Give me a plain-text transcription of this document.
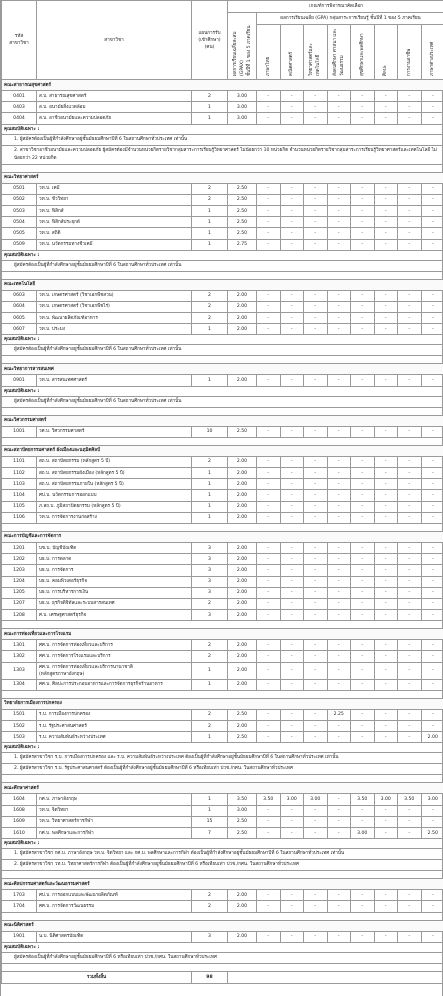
รหัส
สาขาวิชา	สาขาวิชา	แผนการรับ
(เข้าศึกษา)
(คน)	เกณฑ์การพิจารณาคัดเลือก								

			ผลการเรียนเฉลี่ยสะสม (GPAX)
ชั้นปีที่ 1 ของ 5 ภาคเรียน	ผลการเรียนเฉลี่ย (GPA) กลุ่มสาระการเรียนรู้ ชั้นปีที่ 1 ของ 5 ภาคเรียน							

				ภาษาไทย	คณิตศาสตร์	วิทยาศาสตร์และเทคโนโลยี	สังคมศึกษา ศาสนา และวัฒนธรรม	สุขศึกษาและพลศึกษา	ศิลปะ	การงานอาชีพ	ภาษาต่างประเทศ

คณะสาธารณสุขศาสตร์											
0401	ส.บ. สาธารณสุขศาสตร์	2	3.00	-	-	-	-	-	-	-	-
0403	ส.บ. อนามัยสิ่งแวดล้อม	1	3.00	-	-	-	-	-	-	-	-
0404	ส.บ. อาชีวอนามัยและความปลอดภัย	1	3.00	-	-	-	-	-	-	-	-
คุณสมบัติเฉพาะ :											
1. ผู้สมัครต้องเป็นผู้ที่กำลังศึกษาอยู่ชั้นมัธยมศึกษาปีที่ 6 ในสถานศึกษาทั่วประเทศ เท่านั้น											
2. สาขาวิชาอาชีวอนามัยและความปลอดภัย ผู้สมัครต้องมีจำนวนหน่วยกิตรายวิชากลุ่มสาระการเรียนรู้วิทยาศาสตร์ ไม่น้อยกว่า 10 หน่วยกิต จำนวนหน่วยกิตรายวิชากลุ่มสาระการเรียนรู้วิทยาศาสตร์และเทคโนโลยี ไม่น้อยกว่า 22 หน่วยกิต											

คณะวิทยาศาสตร์											
0501	วท.บ. เคมี	2	2.50	-	-	-	-	-	-	-	-
0502	วท.บ. ชีววิทยา	2	2.50	-	-	-	-	-	-	-	-
0503	วท.บ. ฟิสิกส์	1	2.50	-	-	-	-	-	-	-	-
0504	วท.บ. ฟิสิกส์ประยุกต์	1	2.50	-	-	-	-	-	-	-	-
0505	วท.บ. สถิติ	1	2.50	-	-	-	-	-	-	-	-
0509	วท.บ. นวัตกรรมทางชีวเคมี	1	2.75	-	-	-	-	-	-	-	-
คุณสมบัติเฉพาะ :											
ผู้สมัครต้องเป็นผู้ที่กำลังศึกษาอยู่ชั้นมัธยมศึกษาปีที่ 6 ในสถานศึกษาทั่วประเทศ เท่านั้น											

คณะเทคโนโลยี											
0603	วท.บ. เกษตรศาสตร์ (วิชาเอกพืชสวน)	2	2.00	-	-	-	-	-	-	-	-
0604	วท.บ. เกษตรศาสตร์ (วิชาเอกพืชไร่)	2	2.00	-	-	-	-	-	-	-	-
0605	วท.บ. พัฒนาผลิตภัณฑ์อาหาร	2	2.00	-	-	-	-	-	-	-	-
0607	วท.บ. ประมง	1	2.00	-	-	-	-	-	-	-	-
คุณสมบัติเฉพาะ :											
ผู้สมัครต้องเป็นผู้ที่กำลังศึกษาอยู่ชั้นมัธยมศึกษาปีที่ 6 ในสถานศึกษาทั่วประเทศ เท่านั้น											

คณะวิทยาการสารสนเทศ											
0901	วท.บ. สารสนเทศศาสตร์	1	2.00	-	-	-	-	-	-	-	-
คุณสมบัติเฉพาะ :											
ผู้สมัครต้องเป็นผู้ที่กำลังศึกษาอยู่ชั้นมัธยมศึกษาปีที่ 6 ในสถานศึกษาทั่วประเทศ เท่านั้น											

คณะวิศวกรรมศาสตร์											
1001	วศ.บ. วิศวกรรมศาสตร์	10	2.50	-	-	-	-	-	-	-	-

คณะสถาปัตยกรรมศาสตร์ ผังเมืองและนฤมิตศิลป์											
1101	สถ.บ. สถาปัตยกรรม (หลักสูตร 5 ปี)	2	2.00	-	-	-	-	-	-	-	-
1102	สถ.บ. สถาปัตยกรรมผังเมือง (หลักสูตร 5 ปี)	1	2.00	-	-	-	-	-	-	-	-
1103	สถ.บ. สถาปัตยกรรมภายใน (หลักสูตร 5 ปี)	1	2.00	-	-	-	-	-	-	-	-
1104	ศป.บ. นวัตกรรมการออกแบบ	1	2.00	-	-	-	-	-	-	-	-
1105	ภ.สถ.บ. ภูมิสถาปัตยกรรม (หลักสูตร 5 ปี)	1	2.00	-	-	-	-	-	-	-	-
1106	วท.บ. การจัดการงานก่อสร้าง	1	2.00	-	-	-	-	-	-	-	-

คณะการบัญชีและการจัดการ											
1201	บช.บ. บัญชีบัณฑิต	3	2.00	-	-	-	-	-	-	-	-
1202	บธ.บ. การตลาด	3	2.00	-	-	-	-	-	-	-	-
1203	บธ.บ. การจัดการ	3	2.00	-	-	-	-	-	-	-	-
1204	บธ.บ. คอมพิวเตอร์ธุรกิจ	3	2.00	-	-	-	-	-	-	-	-
1205	บธ.บ. การบริหารการเงิน	3	2.00	-	-	-	-	-	-	-	-
1207	บธ.บ. ธุรกิจดิจิทัลและระบบสารสนเทศ	2	2.00	-	-	-	-	-	-	-	-
1208	ศ.บ. เศรษฐศาสตร์ธุรกิจ	3	2.00	-	-	-	-	-	-	-	-

คณะการท่องเที่ยวและการโรงแรม											
1301	ศศ.บ. การจัดการท่องเที่ยวและบริการ	2	2.00	-	-	-	-	-	-	-	-
1302	ศศ.บ. การจัดการโรงแรมและบริการ	2	2.00	-	-	-	-	-	-	-	-
1303	ศศ.บ. การจัดการท่องเที่ยวและบริการนานาชาติ
(หลักสูตรภาษาอังกฤษ)	1	2.00	-	-	-	-	-	-	-	-
1304	ศศ.บ. ศิลปะการประกอบอาหารและการจัดการธุรกิจร้านอาหาร	1	2.00	-	-	-	-	-	-	-	-

วิทยาลัยการเมืองการปกครอง											
1501	ร.บ. การเมืองการปกครอง	2	2.50	-	-	-	2.25	-	-	-	-
1502	ร.บ. รัฐประศาสนศาสตร์	2	2.00	-	-	-	-	-	-	-	-
1503	ร.บ. ความสัมพันธ์ระหว่างประเทศ	1	2.50	-	-	-	-	-	-	-	2.00
คุณสมบัติเฉพาะ :											
1. ผู้สมัครสาขาวิชา ร.บ. การเมืองการปกครอง และ ร.บ. ความสัมพันธ์ระหว่างประเทศ ต้องเป็นผู้ที่กำลังศึกษาอยู่ชั้นมัธยมศึกษาปีที่ 6 ในสถานศึกษาทั่วประเทศ เท่านั้น											
2. ผู้สมัครสาขาวิชา ร.บ. รัฐประศาสนศาสตร์ ต้องเป็นผู้ที่กำลังศึกษาอยู่ชั้นมัธยมศึกษาปีที่ 6 หรือเทียบเท่า ปวช./กศน. ในสถานศึกษาทั่วประเทศ											

คณะศึกษาศาสตร์											
1604	กศ.บ. ภาษาอังกฤษ	1	3.50	3.50	3.00	3.00	-	3.50	3.00	3.50	3.00
1608	วท.บ. จิตวิทยา	1	3.00	-	-	-	-	-	-	-	-
1609	วท.บ. วิทยาศาสตร์การกีฬา	15	2.50	-	-	-	-	-	-	-	-
1610	กศ.บ. พลศึกษาและการกีฬา	7	2.50	-	-	-	-	3.00	-	-	2.50
คุณสมบัติเฉพาะ :											
1. ผู้สมัครสาขาวิชา กศ.บ. ภาษาอังกฤษ วท.บ. จิตวิทยา และ กศ.บ. พลศึกษาและการกีฬา ต้องเป็นผู้ที่กำลังศึกษาอยู่ชั้นมัธยมศึกษาปีที่ 6 ในสถานศึกษาทั่วประเทศ เท่านั้น											
2. ผู้สมัครสาขาวิชา วท.บ. วิทยาศาสตร์การกีฬา ต้องเป็นผู้ที่กำลังศึกษาอยู่ชั้นมัธยมศึกษาปีที่ 6 หรือเทียบเท่า ปวช./กศน. ในสถานศึกษาทั่วประเทศ											

คณะศิลปกรรมศาสตร์และวัฒนธรรมศาสตร์											
1703	ศป.บ. การออกแบบและพัฒนาผลิตภัณฑ์	2	2.00	-	-	-	-	-	-	-	-
1704	ศศ.บ. การจัดการวัฒนธรรม	2	2.00	-	-	-	-	-	-	-	-

คณะนิติศาสตร์											
1901	น.บ. นิติศาสตรบัณฑิต	3	2.00	-	-	-	-	-	-	-	-
คุณสมบัติเฉพาะ :											
ผู้สมัครต้องเป็นผู้ที่กำลังศึกษาอยู่ชั้นมัธยมศึกษาปีที่ 6 หรือเทียบเท่า ปวช./กศน. ในสถานศึกษาทั่วประเทศ											

รวมทั้งสิ้น		98									
